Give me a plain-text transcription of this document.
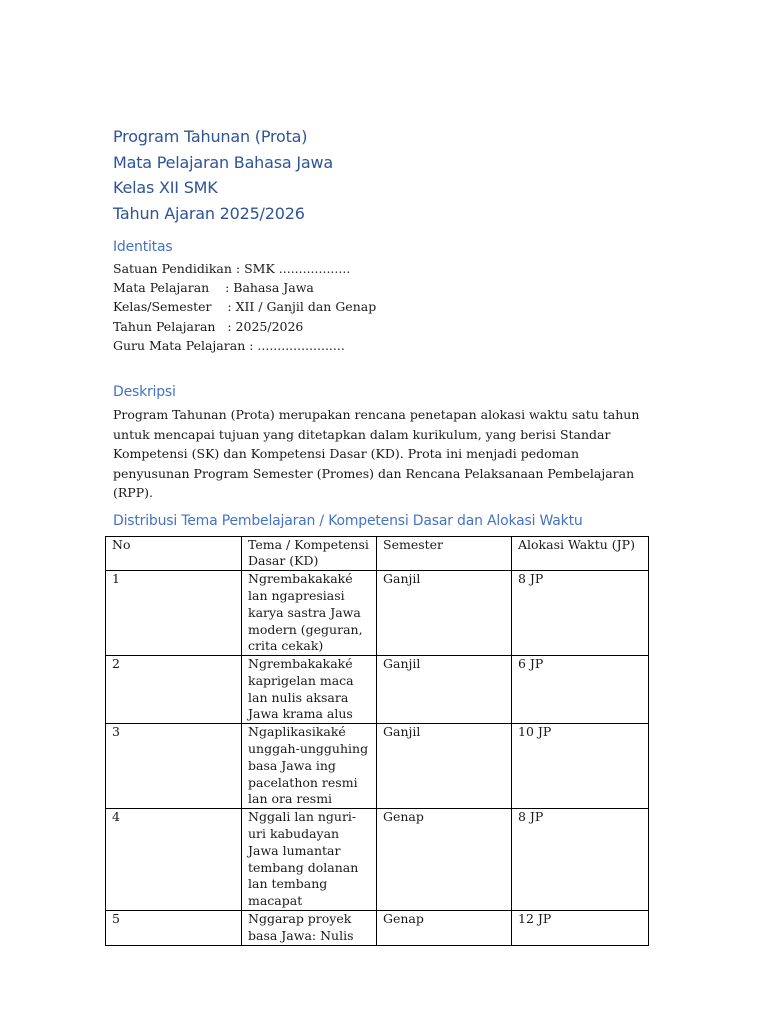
Program Tahunan (Prota)
Mata Pelajaran Bahasa Jawa
Kelas XII SMK
Tahun Ajaran 2025/2026
Identitas
Satuan Pendidikan : SMK ..................
Mata Pelajaran    : Bahasa Jawa
Kelas/Semester    : XII / Ganjil dan Genap
Tahun Pelajaran   : 2025/2026
Guru Mata Pelajaran : ......................
Deskripsi

Program Tahunan (Prota) merupakan rencana penetapan alokasi waktu satu tahun untuk mencapai tujuan yang ditetapkan dalam kurikulum, yang berisi Standar Kompetensi (SK) dan Kompetensi Dasar (KD). Prota ini menjadi pedoman penyusunan Program Semester (Promes) dan Rencana Pelaksanaan Pembelajaran (RPP).

Distribusi Tema Pembelajaran / Kompetensi Dasar dan Alokasi Waktu
No	Tema / Kompetensi Dasar (KD)	Semester	Alokasi Waktu (JP)
1	Ngrembakakaké lan ngapresiasi karya sastra Jawa modern (geguran, crita cekak)	Ganjil	8 JP
2	Ngrembakakaké kaprigelan maca lan nulis aksara Jawa krama alus	Ganjil	6 JP
3	Ngaplikasikaké unggah-ungguhing basa Jawa ing pacelathon resmi lan ora resmi	Ganjil	10 JP
4	Nggali lan nguri-uri kabudayan Jawa lumantar tembang dolanan lan tembang macapat	Genap	8 JP
5	Nggarap proyek basa Jawa: Nulis	Genap	12 JP
